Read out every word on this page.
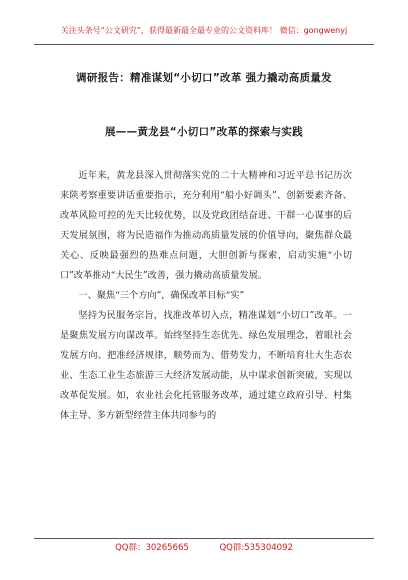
关注头条号“公文研究”，获得最新最全最专业的公文资料库！ 微信：gongwenyj
调研报告：精准谋划“小切口”改革 强力撬动高质量发
展——黄龙县“小切口”改革的探索与实践

近年来，黄龙县深入贯彻落实党的二十大精神和习近平总书记历次来陕考察重要讲话重要指示，充分利用“船小好调头”、创新要素齐备、改革风险可控的先天比较优势，以及党政团结奋进、干群一心谋事的后天发展氛围，将为民造福作为推动高质量发展的价值导向，聚焦群众最关心、反映最强烈的热难点问题，大胆创新与探索，启动实施“小切口”改革推动“大民生”改善，强力撬动高质量发展。

一、聚焦“三个方向”，确保改革目标“实”

坚持为民服务宗旨，找准改革切入点，精准谋划“小切口”改革。一是聚焦发展方向谋改革。始终坚持生态优先、绿色发展理念，着眼社会发展方向、把准经济规律，顺势而为、借势发力，不断培育壮大生态农业、生态工业生态旅游三大经济发展动能，从中谋求创新突破，实现以改革促发展。如，农业社会化托管服务改革，通过建立政府引导、村集体主导、多方新型经营主体共同参与的

QQ群：30265665	QQ群:535304092
